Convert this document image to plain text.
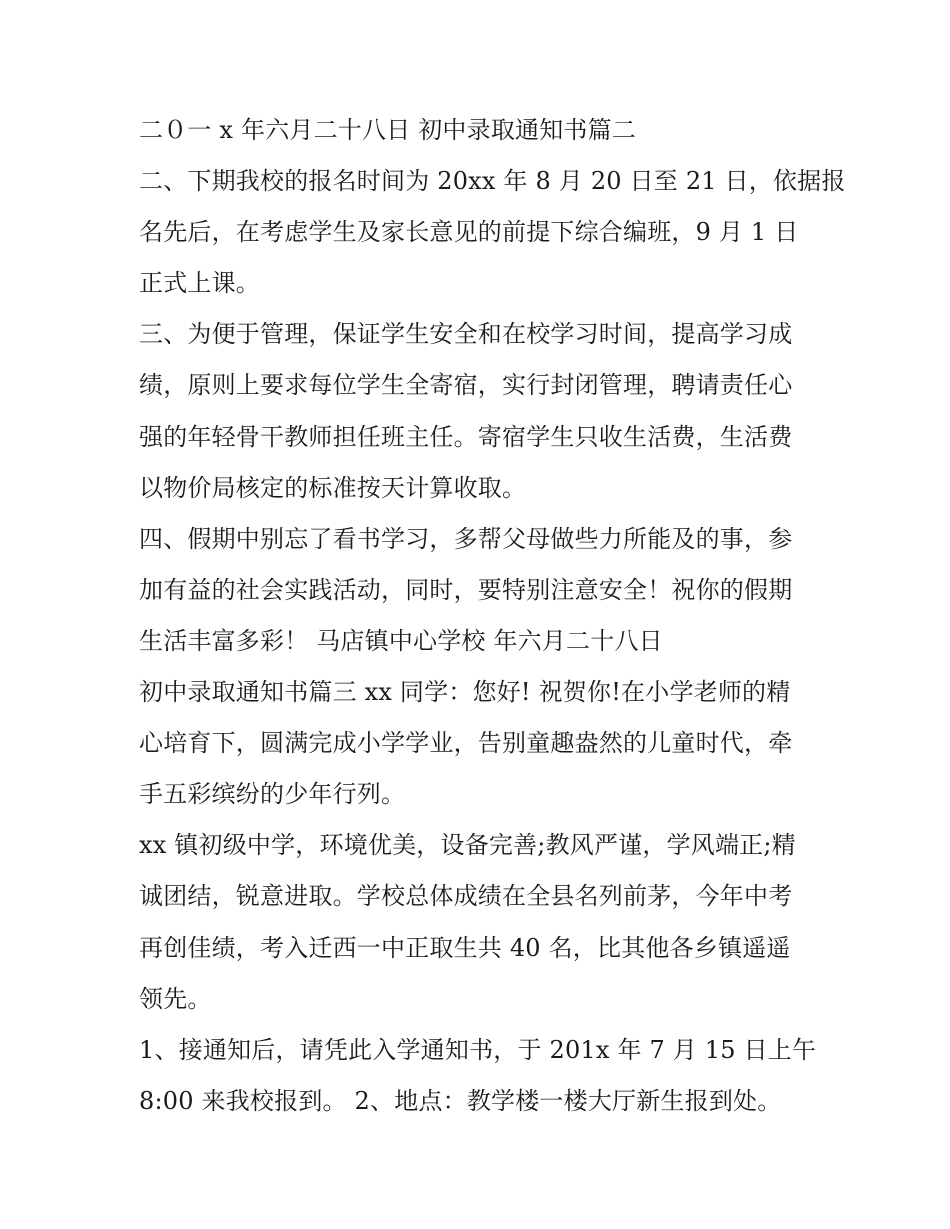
二０一 x 年六月二十八日 初中录取通知书篇二
二、下期我校的报名时间为 20xx 年 8 月 20 日至 21 日，依据报
名先后，在考虑学生及家长意见的前提下综合编班，9 月 1 日
正式上课。
三、为便于管理，保证学生安全和在校学习时间，提高学习成
绩，原则上要求每位学生全寄宿，实行封闭管理，聘请责任心
强的年轻骨干教师担任班主任。寄宿学生只收生活费，生活费
以物价局核定的标准按天计算收取。
四、假期中别忘了看书学习，多帮父母做些力所能及的事，参
加有益的社会实践活动，同时，要特别注意安全！祝你的假期
生活丰富多彩！ 马店镇中心学校 年六月二十八日
初中录取通知书篇三 xx 同学：您好! 祝贺你!在小学老师的精
心培育下，圆满完成小学学业，告别童趣盎然的儿童时代，牵
手五彩缤纷的少年行列。
xx 镇初级中学，环境优美，设备完善;教风严谨，学风端正;精
诚团结，锐意进取。学校总体成绩在全县名列前茅，今年中考
再创佳绩，考入迁西一中正取生共 40 名，比其他各乡镇遥遥
领先。
1、接通知后，请凭此入学通知书，于 201x 年 7 月 15 日上午
8:00 来我校报到。 2、地点：教学楼一楼大厅新生报到处。
